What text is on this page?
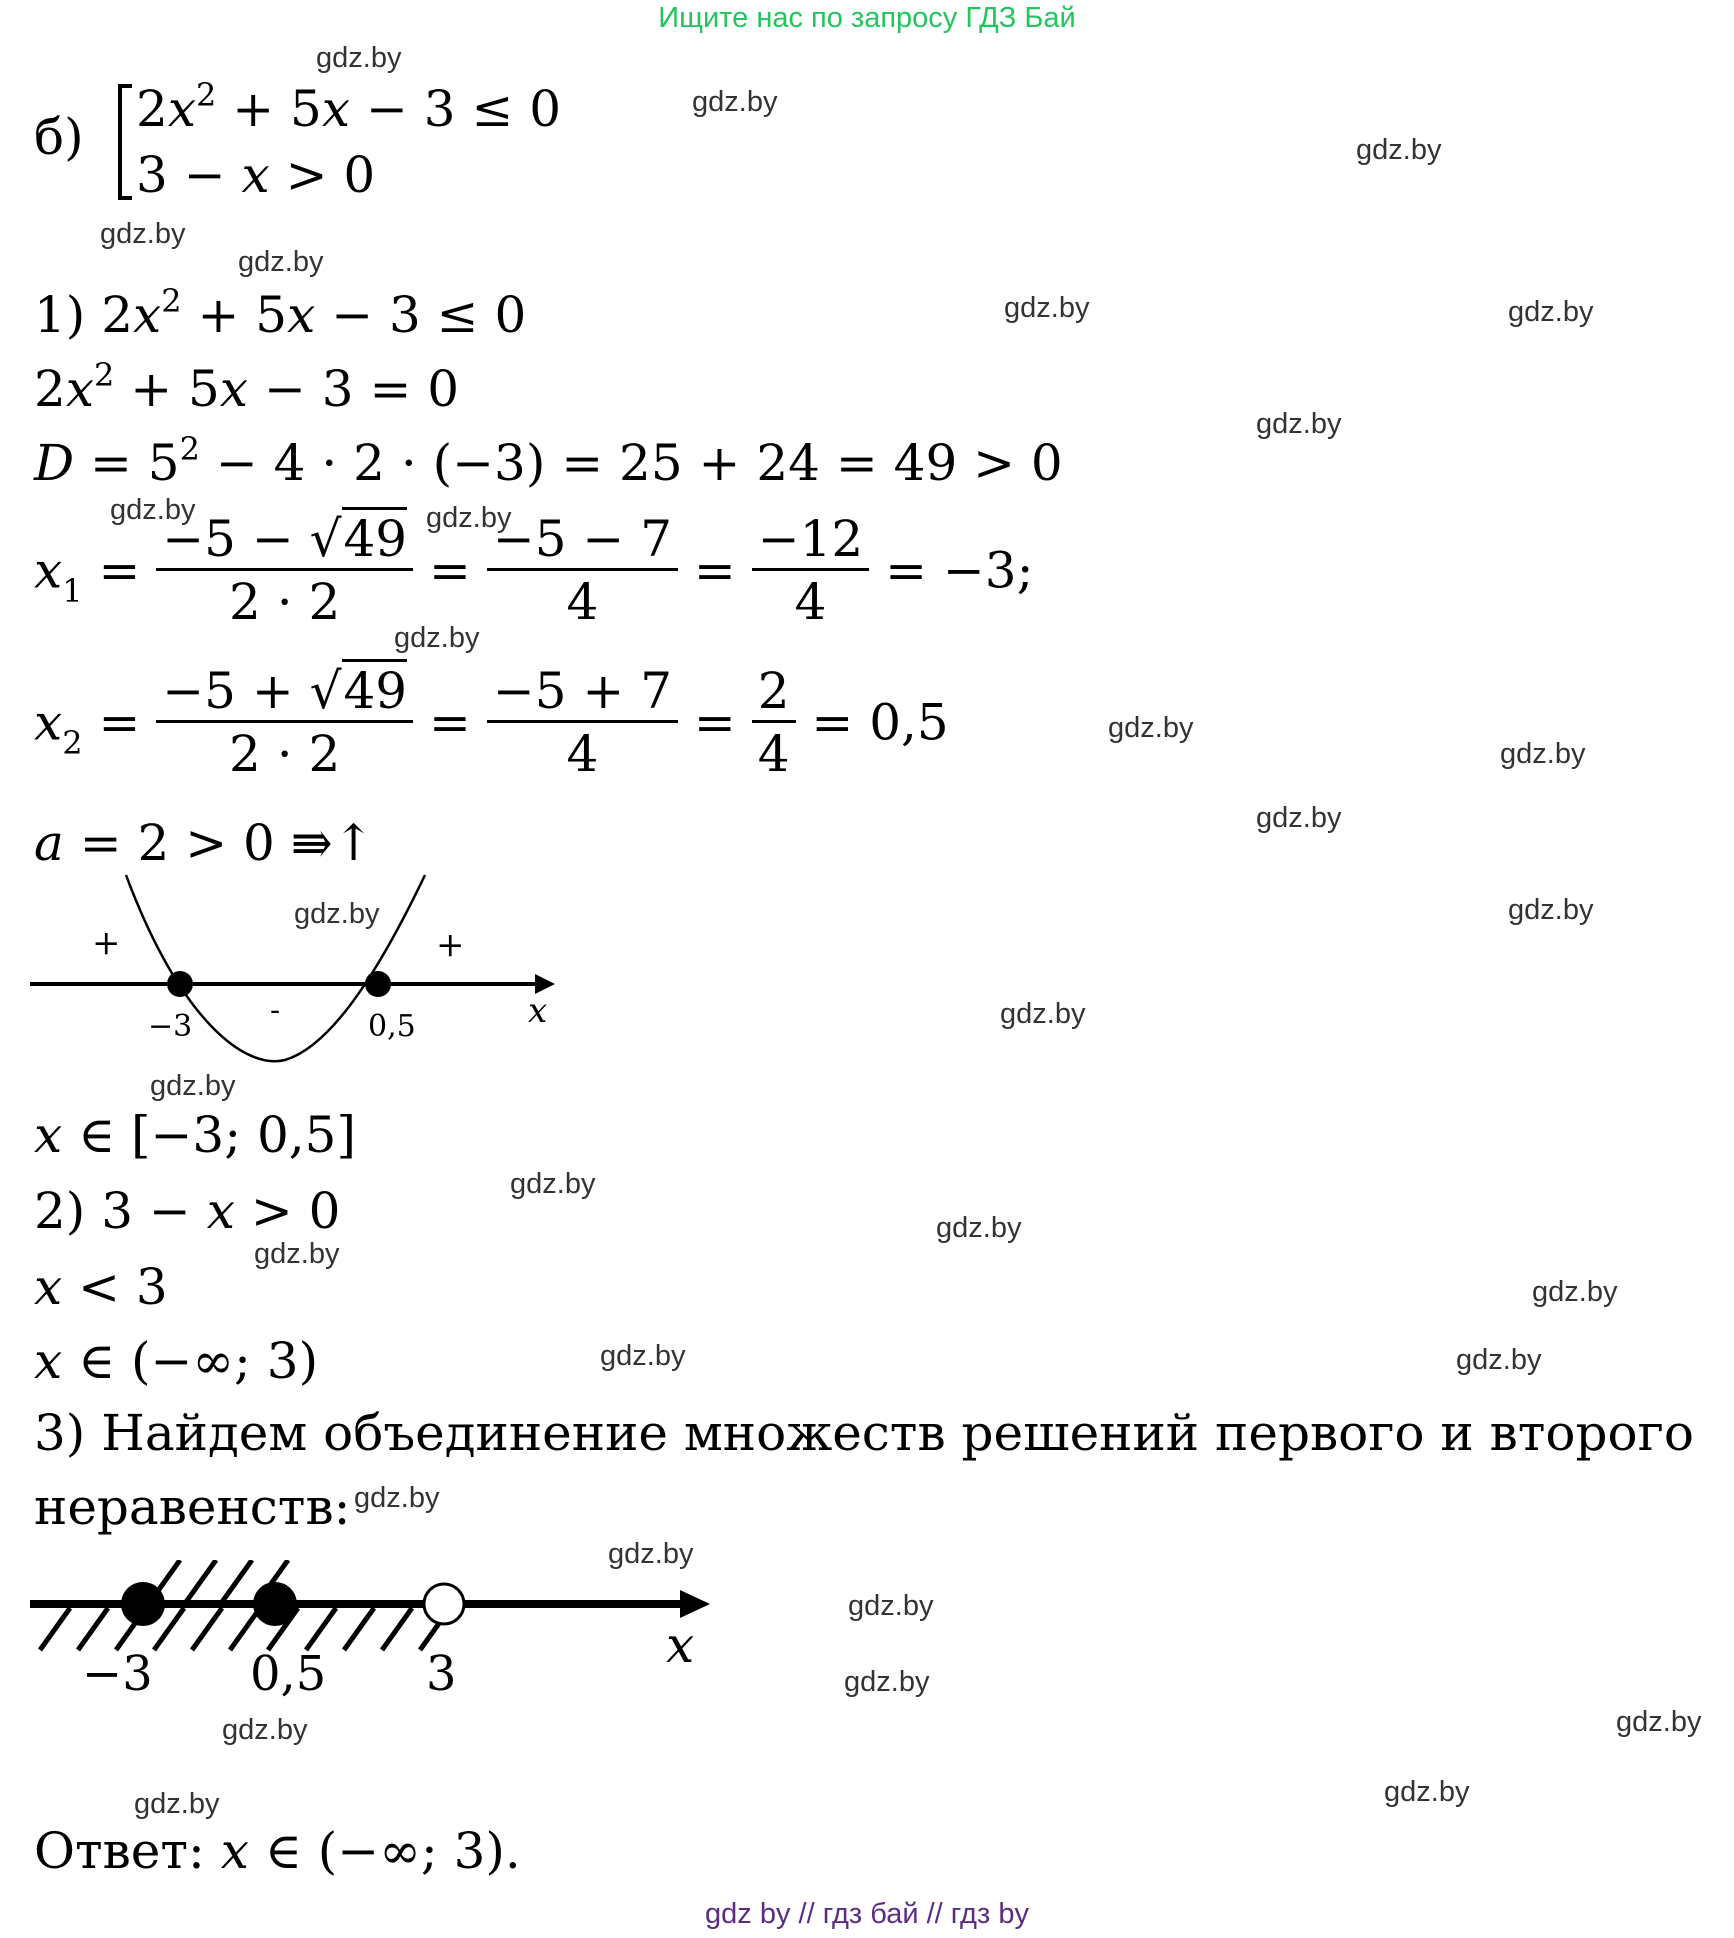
Ищите нас по запросу ГДЗ Бай
б) $2x^2 + 5x - 3 \le 0$
3 − x > 0
1) $2x^2 + 5x - 3 \le 0$
$2x^2 + 5x - 3 = 0$
$D = 5^2 - 4 \cdot 2 \cdot (-3) = 25 + 24 = 49 > 0$
$x_1 = \frac{-5 - √49}{2 \cdot 2} = \frac{-5 - 7}{4} = \frac{-12}{4} = -3$;
$x_2 = \frac{-5 + √49}{2 \cdot 2} = \frac{-5 + 7}{4} = \frac{2}{4} = 0,5$
a = 2 > 0 ⇛↑
+
-
+
−3	0,5	x
x ∈ [−3; 0,5]
2) 3 − x > 0
x < 3
x ∈ (−∞; 3)
3) Найдем объединение множеств решений первого и второго
неравенств:
−3 0,5 3	x
Ответ: x ∈ (−∞; 3).
gdz by // гдз бай // гдз by
gdz.by
gdz.by
gdz.by
gdz.by
gdz.by
gdz.by	gdz.by
gdz.by
gdz.by	gdz.by
gdz.by
gdz.by
gdz.by
gdz.by
gdz.by	gdz.by
gdz.by
gdz.by
gdz.by
gdz.by
gdz.by
gdz.by
gdz.by	gdz.by
gdz.by
gdz.by
gdz.by
gdz.by
gdz.by
gdz.by
gdz.by
gdz.by
